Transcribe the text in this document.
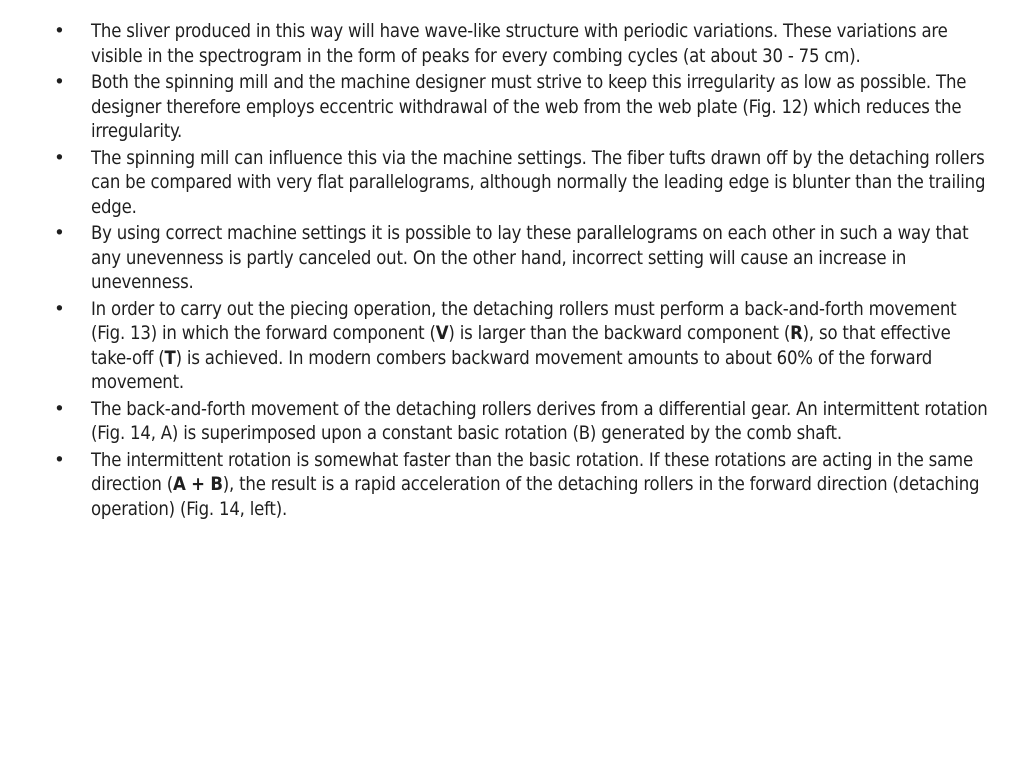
• The sliver produced in this way will have wave-like structure with periodic variations. These variations are visible in the spectrogram in the form of peaks for every combing cycles (at about 30 - 75 cm).
• Both the spinning mill and the machine designer must strive to keep this irregularity as low as possible. The designer therefore employs eccentric withdrawal of the web from the web plate (Fig. 12) which reduces the irregularity.
• The spinning mill can influence this via the machine settings. The fiber tufts drawn off by the detaching rollers can be compared with very flat parallelograms, although normally the leading edge is blunter than the trailing edge.
• By using correct machine settings it is possible to lay these parallelograms on each other in such a way that any unevenness is partly canceled out. On the other hand, incorrect setting will cause an increase in unevenness.
• In order to carry out the piecing operation, the detaching rollers must perform a back-and-forth movement (Fig. 13) in which the forward component (V) is larger than the backward component (R), so that effective take-off (T) is achieved. In modern combers backward movement amounts to about 60% of the forward movement.
• The back-and-forth movement of the detaching rollers derives from a differential gear. An intermittent rotation (Fig. 14, A) is superimposed upon a constant basic rotation (B) generated by the comb shaft.
• The intermittent rotation is somewhat faster than the basic rotation. If these rotations are acting in the same direction (A + B), the result is a rapid acceleration of the detaching rollers in the forward direction (detaching operation) (Fig. 14, left).
